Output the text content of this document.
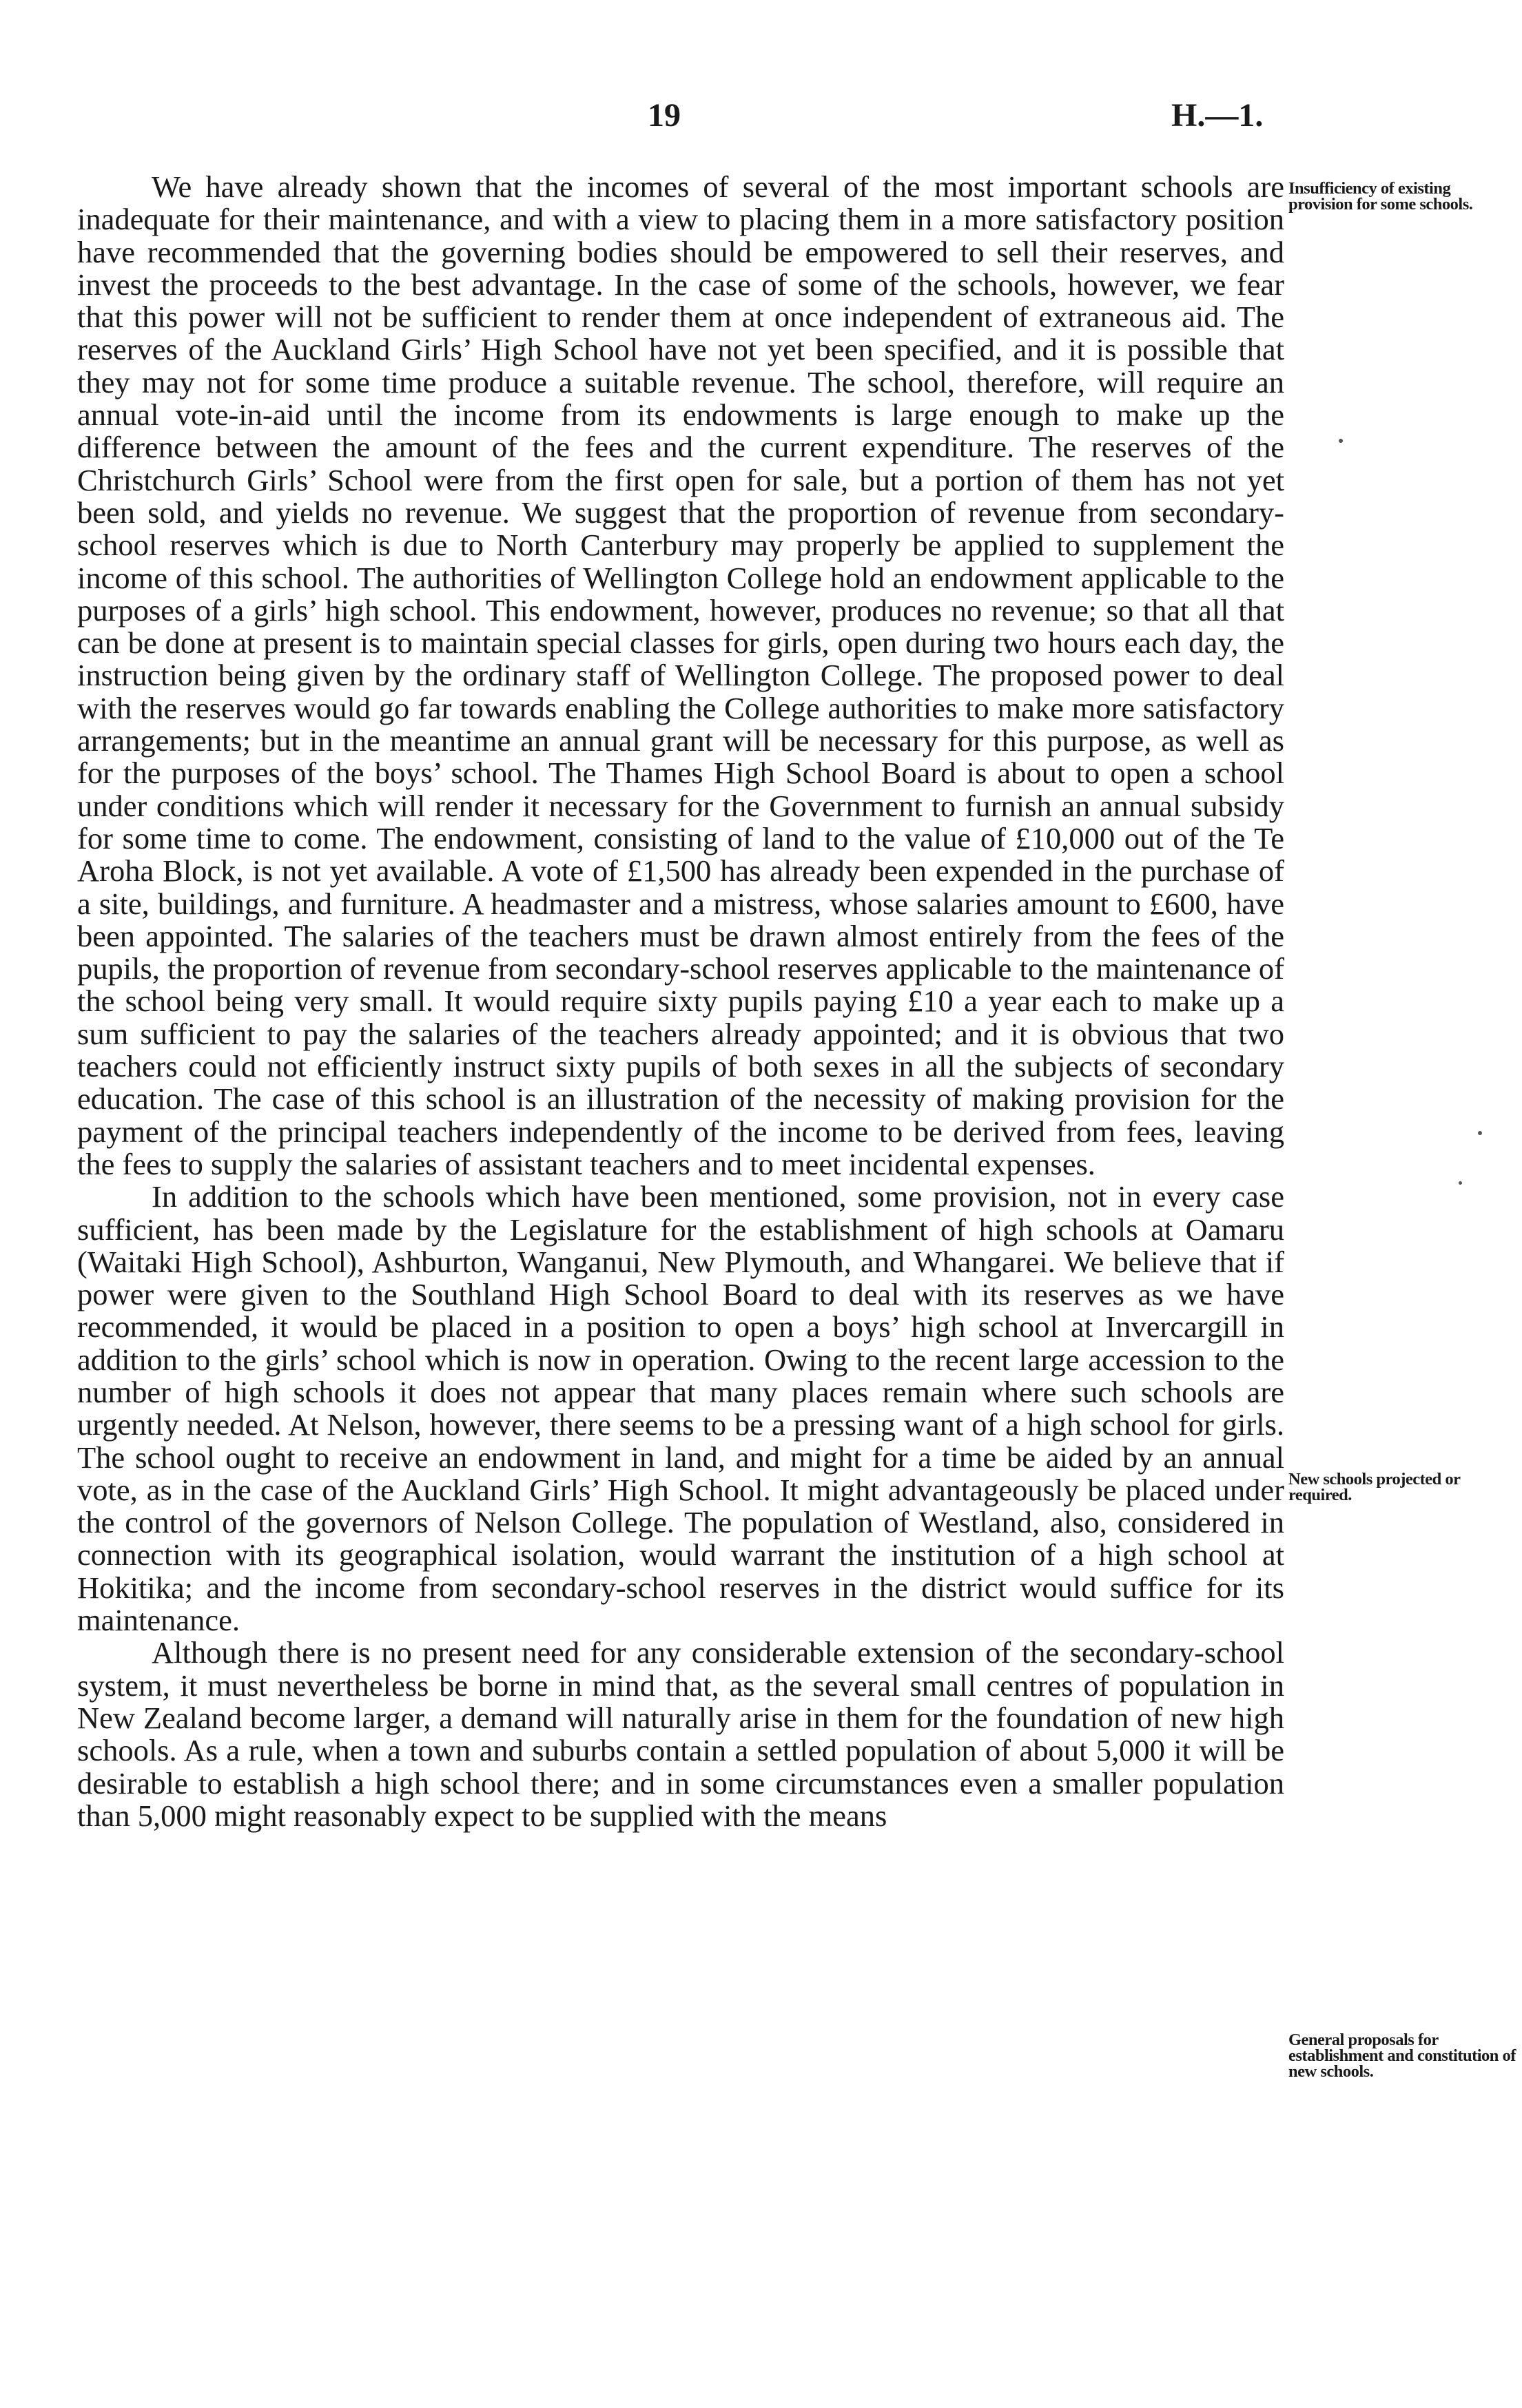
19	H.—1.

We have already shown that the incomes of several of the most important schools are inadequate for their maintenance, and with a view to placing them in a more satisfactory position have recommended that the governing bodies should be empowered to sell their reserves, and invest the proceeds to the best advantage. In the case of some of the schools, however, we fear that this power will not be sufficient to render them at once independent of extraneous aid. The reserves of the Auckland Girls’ High School have not yet been specified, and it is possible that they may not for some time produce a suitable revenue. The school, therefore, will require an annual vote-in-aid until the income from its endowments is large enough to make up the difference between the amount of the fees and the current expenditure. The reserves of the Christchurch Girls’ School were from the first open for sale, but a portion of them has not yet been sold, and yields no revenue. We suggest that the proportion of revenue from secondary-school reserves which is due to North Canterbury may properly be applied to supplement the income of this school. The authorities of Wellington College hold an endowment applicable to the purposes of a girls’ high school. This endowment, however, produces no revenue; so that all that can be done at present is to maintain special classes for girls, open during two hours each day, the instruction being given by the ordinary staff of Wellington College. The proposed power to deal with the reserves would go far towards enabling the College authorities to make more satisfactory arrangements; but in the meantime an annual grant will be necessary for this purpose, as well as for the purposes of the boys’ school. The Thames High School Board is about to open a school under conditions which will render it necessary for the Government to furnish an annual subsidy for some time to come. The endowment, consisting of land to the value of £10,000 out of the Te Aroha Block, is not yet available. A vote of £1,500 has already been expended in the purchase of a site, buildings, and furniture. A headmaster and a mistress, whose salaries amount to £600, have been appointed. The salaries of the teachers must be drawn almost entirely from the fees of the pupils, the proportion of revenue from secondary-school reserves applicable to the maintenance of the school being very small. It would require sixty pupils paying £10 a year each to make up a sum sufficient to pay the salaries of the teachers already appointed; and it is obvious that two teachers could not efficiently instruct sixty pupils of both sexes in all the subjects of secondary education. The case of this school is an illustration of the necessity of making provision for the payment of the principal teachers independently of the income to be derived from fees, leaving the fees to supply the salaries of assistant teachers and to meet incidental expenses.

In addition to the schools which have been mentioned, some provision, not in every case sufficient, has been made by the Legislature for the establishment of high schools at Oamaru (Waitaki High School), Ashburton, Wanganui, New Plymouth, and Whangarei. We believe that if power were given to the Southland High School Board to deal with its reserves as we have recommended, it would be placed in a position to open a boys’ high school at Invercargill in addition to the girls’ school which is now in operation. Owing to the recent large accession to the number of high schools it does not appear that many places remain where such schools are urgently needed. At Nelson, however, there seems to be a pressing want of a high school for girls. The school ought to receive an endowment in land, and might for a time be aided by an annual vote, as in the case of the Auckland Girls’ High School. It might advantageously be placed under the control of the governors of Nelson College. The population of Westland, also, considered in connection with its geographical isolation, would warrant the institution of a high school at Hokitika; and the income from secondary-school reserves in the district would suffice for its maintenance.

Although there is no present need for any considerable extension of the secondary-school system, it must nevertheless be borne in mind that, as the several small centres of population in New Zealand become larger, a demand will naturally arise in them for the foundation of new high schools. As a rule, when a town and suburbs contain a settled population of about 5,000 it will be desirable to establish a high school there; and in some circumstances even a smaller population than 5,000 might reasonably expect to be supplied with the means

Insufficiency of existing provision for some schools.
New schools projected or required.
General proposals for establishment and constitution of new schools.
